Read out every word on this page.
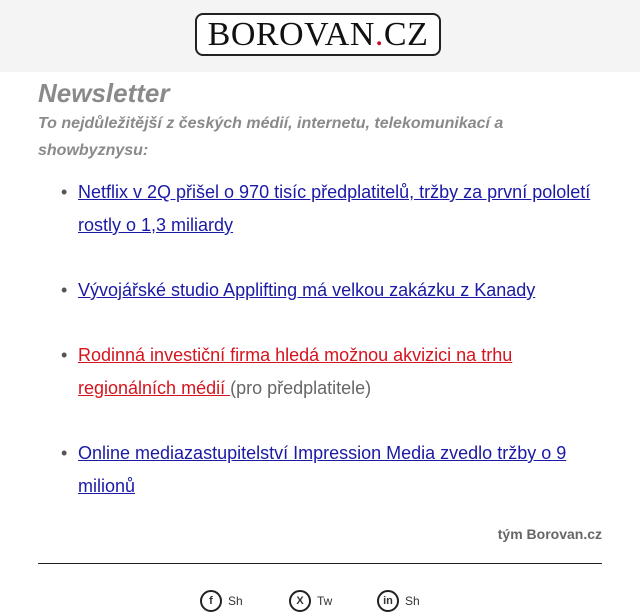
BOROVAN . CZ
Newsletter
To nejdůležitější z českých médií, internetu, telekomunikací a showbyznysu:
• Netflix v 2Q přišel o 970 tisíc předplatitelů, tržby za první pololetí rostly o 1,3 miliardy
• Vývojářské studio Applifting má velkou zakázku z Kanady
• Rodinná investiční firma hledá možnou akvizici na trhu regionálních médií (pro předplatitele)
• Online mediazastupitelství Impression Media zvedlo tržby o 9 milionů
tým Borovan.cz
f	Sh	X	Tw	in	Sh
